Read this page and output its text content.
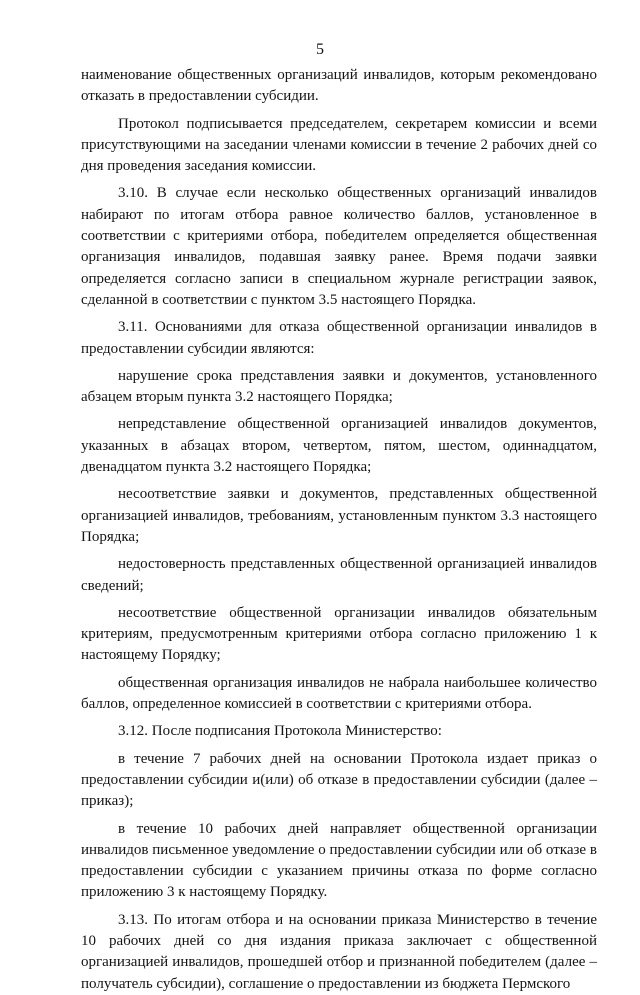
5

наименование общественных организаций инвалидов, которым рекомендовано отказать в предоставлении субсидии.

Протокол подписывается председателем, секретарем комиссии и всеми присутствующими на заседании членами комиссии в течение 2 рабочих дней со дня проведения заседания комиссии.

3.10. В случае если несколько общественных организаций инвалидов набирают по итогам отбора равное количество баллов, установленное в соответствии с критериями отбора, победителем определяется общественная организация инвалидов, подавшая заявку ранее. Время подачи заявки определяется согласно записи в специальном журнале регистрации заявок, сделанной в соответствии с пунктом 3.5 настоящего Порядка.

3.11. Основаниями для отказа общественной организации инвалидов в предоставлении субсидии являются:

нарушение срока представления заявки и документов, установленного абзацем вторым пункта 3.2 настоящего Порядка;

непредставление общественной организацией инвалидов документов, указанных в абзацах втором, четвертом, пятом, шестом, одиннадцатом, двенадцатом пункта 3.2 настоящего Порядка;

несоответствие заявки и документов, представленных общественной организацией инвалидов, требованиям, установленным пунктом 3.3 настоящего Порядка;

недостоверность представленных общественной организацией инвалидов сведений;

несоответствие общественной организации инвалидов обязательным критериям, предусмотренным критериями отбора согласно приложению 1 к настоящему Порядку;

общественная организация инвалидов не набрала наибольшее количество баллов, определенное комиссией в соответствии с критериями отбора.

3.12. После подписания Протокола Министерство:

в течение 7 рабочих дней на основании Протокола издает приказ о предоставлении субсидии и(или) об отказе в предоставлении субсидии (далее – приказ);

в течение 10 рабочих дней направляет общественной организации инвалидов письменное уведомление о предоставлении субсидии или об отказе в предоставлении субсидии с указанием причины отказа по форме согласно приложению 3 к настоящему Порядку.

3.13. По итогам отбора и на основании приказа Министерство в течение 10 рабочих дней со дня издания приказа заключает с общественной организацией инвалидов, прошедшей отбор и признанной победителем (далее – получатель субсидии), соглашение о предоставлении из бюджета Пермского
